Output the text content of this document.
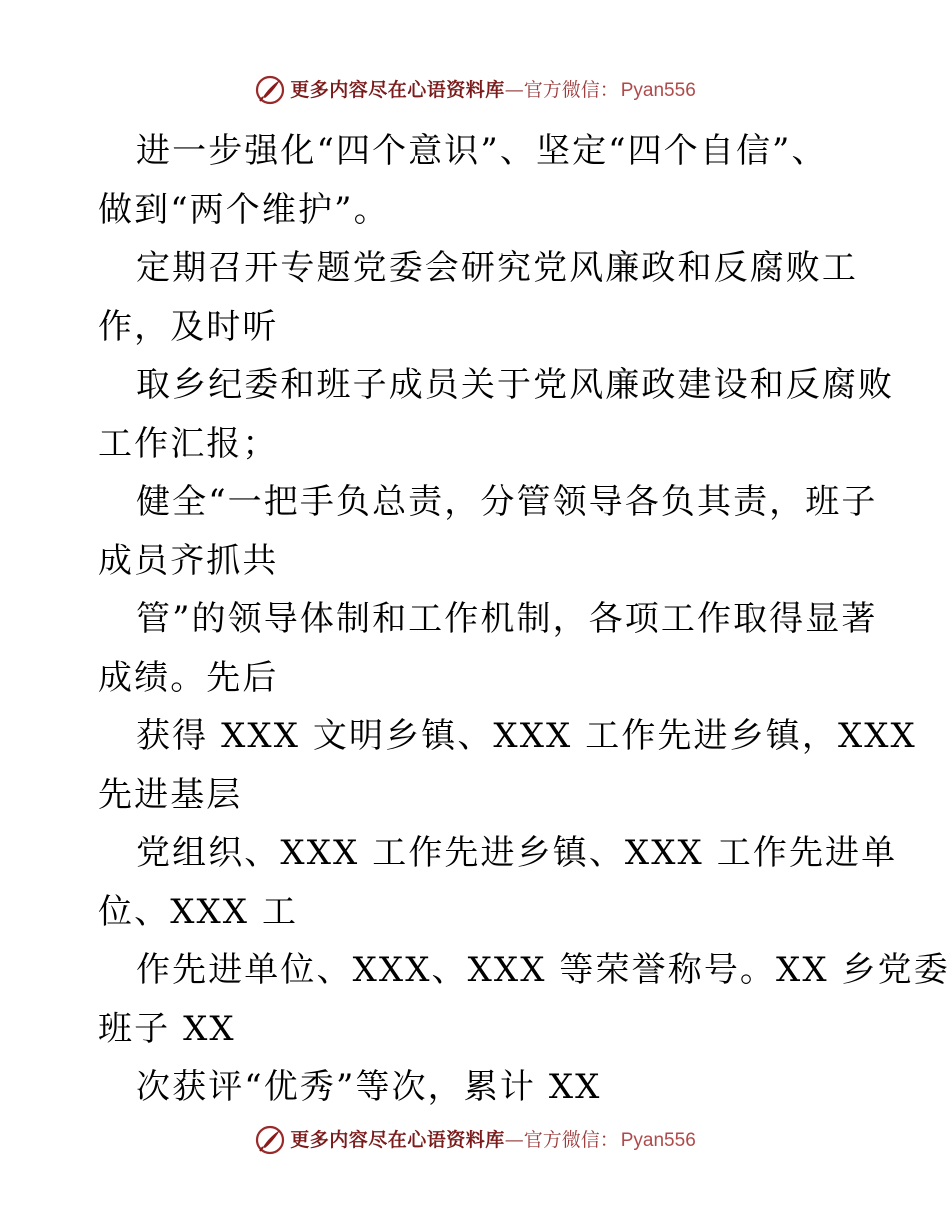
更多内容尽在心语资料库 — 官方微信： Pyan556
进一步强化“四个意识”、坚定“四个自信”、
做到“两个维护”。
定期召开专题党委会研究党风廉政和反腐败工
作，及时听
取乡纪委和班子成员关于党风廉政建设和反腐败
工作汇报；
健全“一把手负总责，分管领导各负其责，班子
成员齐抓共
管”的领导体制和工作机制，各项工作取得显著
成绩。先后
获得 XXX 文明乡镇、XXX 工作先进乡镇，XXX
先进基层
党组织、XXX 工作先进乡镇、XXX 工作先进单
位、XXX 工
作先进单位、XXX、XXX 等荣誉称号。XX 乡党委
班子 XX
次获评“优秀”等次，累计 XX
更多内容尽在心语资料库 — 官方微信： Pyan556
